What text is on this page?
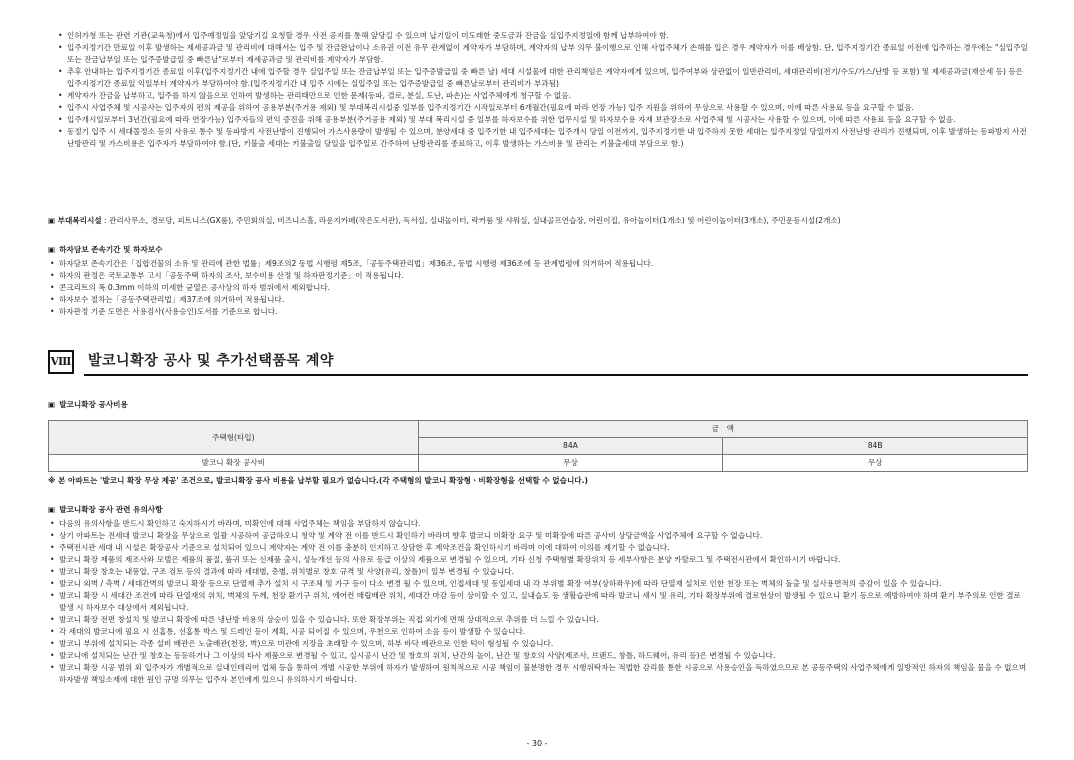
• 인허가청 또는 관련 기관(교육청)에서 입주예정일을 앞당기길 요청할 경우 사전 공지를 통해 앞당길 수 있으며 납기일이 미도래한 중도금과 잔금을 실입주지정일에 함께 납부하여야 함.
• 입주지정기간 만료일 이후 발생하는 제세공과금 및 관리비에 대해서는 입주 및 잔금완납이나 소유권 이전 유무 관계없이 계약자가 부담하며, 계약자의 납부 의무 불이행으로 인해 사업주체가 손해를 입은 경우 계약자가 이를 배상함. 단, 입주지정기간 종료일 이전에 입주하는 경우에는 "실입주일 또는 잔금납부일 또는 입주증발급일 중 빠른날"로부터 제세공과금 및 관리비를 계약자가 부담함.
• 추후 안내하는 입주지정기간 종료일 이후(입주지정기간 내에 입주할 경우 실입주일 또는 잔금납부일 또는 입주증발급일 중 빠른 날) 세대 시설물에 대한 관리책임은 계약자에게 있으며, 입주여부와 상관없이 일반관리비, 세대관리비(전기/수도/가스/난방 등 포함) 및 제세공과금(재산세 등) 등은 입주지정기간 종료일 익일부터 계약자가 부담하여야 함.(입주지정기간 내 입주 시에는 실입주일 또는 입주증발급일 중 빠른날로부터 관리비가 부과됨)
• 계약자가 잔금을 납부하고, 입주를 하지 않음으로 인하여 발생하는 관리태만으로 인한 문제(동파, 결로, 분실, 도난, 파손)는 사업주체에게 청구할 수 없음.
• 입주시 사업주체 및 시공사는 입주자의 편의 제공을 위하여 공용부분(주거용 제외) 및 부대복리시설중 일부를 입주지정기간 시작일로부터 6개월간(필요에 따라 연장 가능) 입주 지원을 위하여 무상으로 사용할 수 있으며, 이에 따른 사용료 등을 요구할 수 없음.
• 입주개시일로부터 3년간(필요에 따라 연장가능) 입주자들의 편익 증진을 위해 공용부분(주거공용 제외) 및 부대 복리시설 중 일부를 하자보수를 위한 업무시설 및 하자보수용 자재 보관장소로 사업주체 및 시공사는 사용할 수 있으며, 이에 따른 사용료 등을 요구할 수 없음.
• 동절기 입주 시 세대몰정소 등의 사유로 통수 및 동파방지 사전난방이 진행되어 가스사용량이 발생될 수 있으며, 분양세대 중 입주기한 내 입주세대는 입주개시 당일 이전까지, 입주지정기한 내 입주하지 못한 세대는 입주지정일 당일까지 사전난방 관리가 진행되며, 이후 발생하는 동파방지 사전난방관리 및 가스비용은 입주자가 부담하여야 함.(단, 키불출 세대는 키불출일 당일을 입주일로 간주하여 난방관리를 종료하고, 이후 발생하는 가스비용 및 관리는 키불출세대 부담으로 함.)
▣ 부대복리시설 : 관리사무소, 경로당, 피트니스(GX룸), 주민회의실, 비즈니스홀, 라운지카페(작은도서관), 독서실, 실내놀이터, 락커룸 및 샤워실, 실내골프연습장, 어린이집, 유아놀이터(1개소) 및 어린이놀이터(3개소), 주민운동시설(2개소)
▣ 하자담보 존속기간 및 하자보수
• 하자담보 존속기간은「집합건물의 소유 및 관리에 관한 법률」제9조의2 동법 시행령 제5조,「공동주택관리법」제36조, 동법 시행령 제36조에 등 관계법령에 의거하여 적용됩니다.
• 하자의 판정은 국토교통부 고시「공동주택 하자의 조사, 보수비용 산정 및 하자판정기준」이 적용됩니다.
• 콘크리트의 폭 0.3mm 이하의 미세한 균열은 공사상의 하자 범위에서 제외합니다.
• 하자보수 절차는「공동주택관리법」제37조에 의거하여 적용됩니다.
• 하자판정 기준 도면은 사용검사(사용승인)도서를 기준으로 합니다.
Ⅷ 발코니확장 공사 및 추가선택품목 계약
▣ 발코니확장 공사비용
주택형(타입)	금　액	
	84A	84B
발코니 확장 공사비	무상	무상
※ 본 아파트는 '발코니 확장 무상 제공' 조건으로, 발코니확장 공사 비용을 납부할 필요가 없습니다.(각 주택형의 발코니 확장형ㆍ비확장형을 선택할 수 없습니다.)
▣ 발코니확장 공사 관련 유의사항
• 다음의 유의사항을 반드시 확인하고 숙지하시기 바라며, 미확인에 대해 사업주체는 책임을 부담하지 않습니다.
• 상기 아파트는 전세대 발코니 확장을 무상으로 일괄 시공하여 공급하오니 청약 및 계약 전 이를 반드시 확인하기 바라며 향후 발코니 미확장 요구 및 미확장에 따른 공사비 상당금액을 사업주체에 요구할 수 없습니다.
• 주택전시관 세대 내 시설은 확장공사 기준으로 설치되어 있으니 계약자는 계약 전 이를 충분히 인지하고 상담한 후 계약조건을 확인하시기 바라며 이에 대하여 이의를 제기할 수 없습니다.
• 발코니 확장 제품의 제조사와 모델은 제품의 품질, 품귀 또는 신제품 출시, 성능개선 등의 사유로 동급 이상의 제품으로 변경될 수 있으며, 기타 신청 주택형별 확장위치 등 세부사항은 분양 카탈로그 및 주택전시관에서 확인하시기 바랍니다.
• 발코니 확장 창호는 내풍압, 구조 검토 등의 결과에 따라 세대별, 층별, 위치별로 창호 규격 및 사양(유리, 창틀)이 일부 변경될 수 있습니다.
• 발코니 외벽 / 측벽 / 세대간벽의 발코니 확장 등으로 단열재 추가 설치 시 구조체 및 가구 등이 다소 변경 될 수 있으며, 인접세대 및 동일세대 내 각 부위별 확장 여부(상하좌우)에 따라 단열재 설치로 인한 천장 또는 벽체의 돌출 및 실사용면적의 증감이 있을 수 있습니다.
• 발코니 확장 시 세대간 조건에 따라 단열재의 위치, 벽체의 두께, 천장 환기구 위치, 에어컨 매립배관 위치, 세대간 마감 등이 상이할 수 있고, 실내습도 등 생활습관에 따라 발코니 새시 및 유리, 기타 확장부위에 결로현상이 발생될 수 있으니 환기 등으로 예방하여야 하며 환기 부주의로 인한 결로 발생 시 하자보수 대상에서 제외됩니다.
• 발코니 확장 전면 창설치 및 발코니 확장에 따른 냉난방 비용의 상승이 있을 수 있습니다. 또한 확장부위는 직접 외기에 면해 상대적으로 추위를 더 느낄 수 있습니다.
• 각 세대의 발코니에 필요 시 선홈통, 선홈통 박스 및 드레인 등이 계획, 시공 되어질 수 있으며, 우천으로 인하여 소음 등이 발생할 수 있습니다.
• 발코니 부위에 설치되는 각종 설비 배관은 노출배관(천장, 벽)으로 미관에 지장을 초래할 수 있으며, 하부 바닥 배관으로 인한 턱이 형성될 수 있습니다.
• 발코니에 설치되는 난간 및 창호는 동등하거나 그 이상의 타사 제품으로 변경될 수 있고, 실시공시 난간 및 창호의 위치, 난간의 높이, 난간 및 창호의 사양(제조사, 브랜드, 창틀, 하드웨어, 유리 등)은 변경될 수 있습니다.
• 발코니 확장 시공 범위 외 입주자가 개별적으로 실내인테리어 업체 등을 통하여 개별 시공한 부위에 하자가 발생하여 원칙적으로 시공 책임이 불분명한 경우 시행위탁자는 적법한 감리를 통한 시공으로 사용승인을 득하였으므로 본 공동주택의 사업주체에게 일방적인 하자의 책임을 물을 수 없으며 하자발생 책임소재에 대한 원인 규명 의무는 입주자 본인에게 있으니 유의하시기 바랍니다.
- 30 -
